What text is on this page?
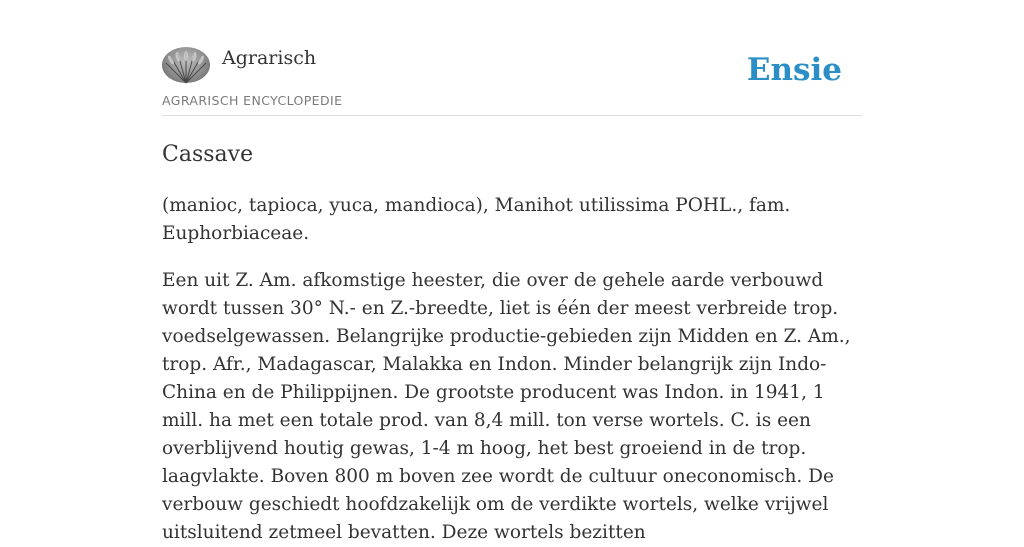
Agrarisch
AGRARISCH ENCYCLOPEDIE
Ensie
Cassave

(manioc, tapioca, yuca, mandioca), Manihot utilissima POHL., fam. Euphorbiaceae.

Een uit Z. Am. afkomstige heester, die over de gehele aarde verbouwd wordt tussen 30° N.- en Z.-breedte, liet is één der meest verbreide trop. voedselgewassen. Belangrijke productie-gebieden zijn Midden en Z. Am., trop. Afr., Madagascar, Malakka en Indon. Minder belangrijk zijn Indo-China en de Philippijnen. De grootste producent was Indon. in 1941, 1 mill. ha met een totale prod. van 8,4 mill. ton verse wortels. C. is een overblijvend houtig gewas, 1-4 m hoog, het best groeiend in de trop. laagvlakte. Boven 800 m boven zee wordt de cultuur oneconomisch. De verbouw geschiedt hoofdzakelijk om de verdikte wortels, welke vrijwel uitsluitend zetmeel bevatten. Deze wortels bezitten
